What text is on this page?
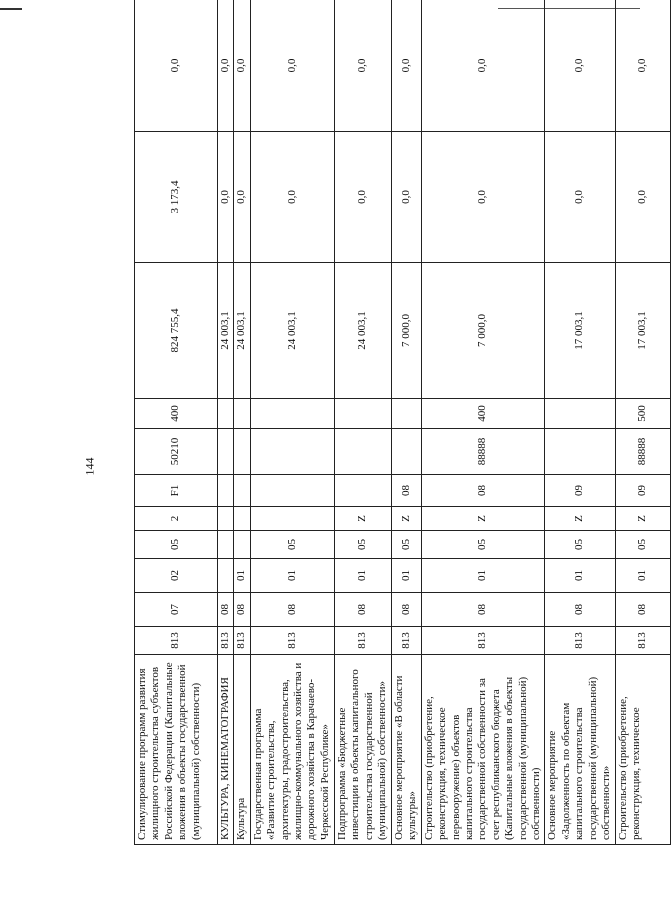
144
Стимулирование программ развития жилищного строительства субъектов Российской Федерации (Капитальные вложения в объекты государственной (муниципальной) собственности)	813	07	02	05	2	F1	50210	400	824 755,4	3 173,4	0,0
КУЛЬТУРА, КИНЕМАТОГРАФИЯ	813	08							24 003,1	0,0	0,0
Культура	813	08	01						24 003,1	0,0	0,0
Государственная программа «Развитие строительства, архитектуры, градостроительства, жилищно-коммунального хозяйства и дорожного хозяйства в Карачаево-Черкесской Республике»	813	08	01	05					24 003,1	0,0	0,0
Подпрограмма «Бюджетные инвестиции в объекты капитального строительства государственной (муниципальной) собственности»	813	08	01	05	Z				24 003,1	0,0	0,0
Основное мероприятие «В области культуры»	813	08	01	05	Z	08			7 000,0	0,0	0,0
Строительство (приобретение, реконструкция, техническое перевооружение) объектов капитального строительства государственной собственности за счет республиканского бюджета (Капитальные вложения в объекты государственной (муниципальной) собственности)	813	08	01	05	Z	08	88888	400	7 000,0	0,0	0,0
Основное мероприятие «Задолженность по объектам капитального строительства государственной (муниципальной) собственности»	813	08	01	05	Z	09			17 003,1	0,0	0,0
Строительство (приобретение, реконструкция, техническое	813	08	01	05	Z	09	88888	500	17 003,1	0,0	0,0
